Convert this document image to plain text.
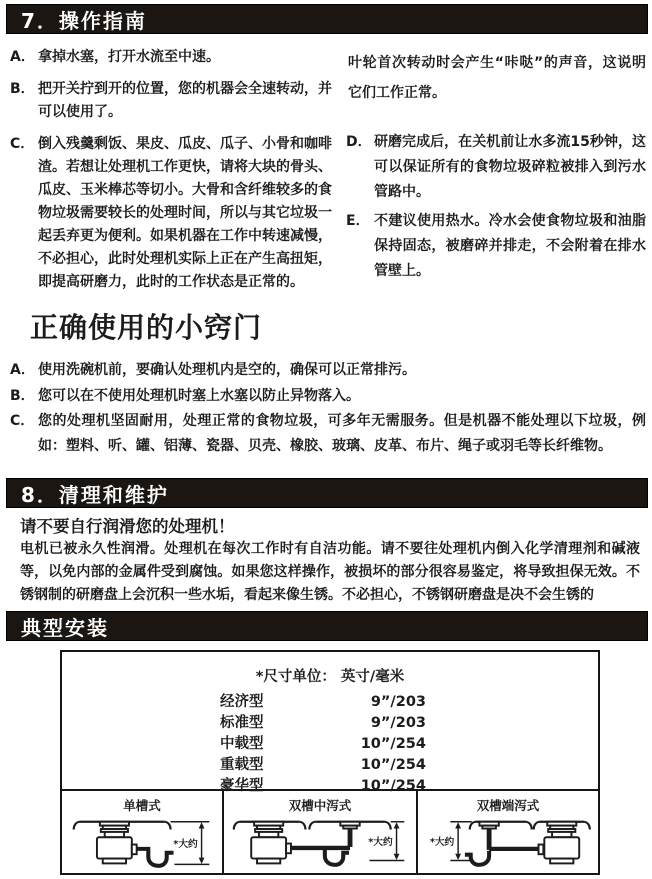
7．操作指南
A． 拿掉水塞，打开水流至中速。
B． 把开关拧到开的位置，您的机器会全速转动，并可以使用了。
C． 倒入残羹剩饭、果皮、瓜皮、瓜子、小骨和咖啡渣。若想让处理机工作更快，请将大块的骨头、瓜皮、玉米棒芯等切小。大骨和含纤维较多的食物垃圾需要较长的处理时间，所以与其它垃圾一起丢弃更为便利。如果机器在工作中转速减慢，不必担心，此时处理机实际上正在产生高扭矩，即提高研磨力，此时的工作状态是正常的。

叶轮首次转动时会产生“咔哒”的声音，这说明它们工作正常。

D． 研磨完成后，在关机前让水多流15秒钟，这可以保证所有的食物垃圾碎粒被排入到污水管路中。
E． 不建议使用热水。冷水会使食物垃圾和油脂保持固态，被磨碎并排走，不会附着在排水管壁上。
正确使用的小窍门
A． 使用洗碗机前，要确认处理机内是空的，确保可以正常排污。
B． 您可以在不使用处理机时塞上水塞以防止异物落入。
C． 您的处理机坚固耐用，处理正常的食物垃圾，可多年无需服务。但是机器不能处理以下垃圾，例如：塑料、听、罐、铝薄、瓷器、贝壳、橡胶、玻璃、皮革、布片、绳子或羽毛等长纤维物。
8．清理和维护
请不要自行润滑您的处理机！
电机已被永久性润滑。处理机在每次工作时有自洁功能。请不要往处理机内倒入化学清理剂和碱液等，以免内部的金属件受到腐蚀。如果您这样操作，被损坏的部分很容易鉴定，将导致担保无效。不锈钢制的研磨盘上会沉积一些水垢，看起来像生锈。不必担心，不锈钢研磨盘是决不会生锈的
典型安装
*尺寸单位： 英寸/毫米
经济型	9”/203
标准型	9”/203
中载型	10”/254
重载型	10”/254
豪华型	10”/254
单槽式
*大约
双槽中泻式
*大约
双槽端泻式
*大约
